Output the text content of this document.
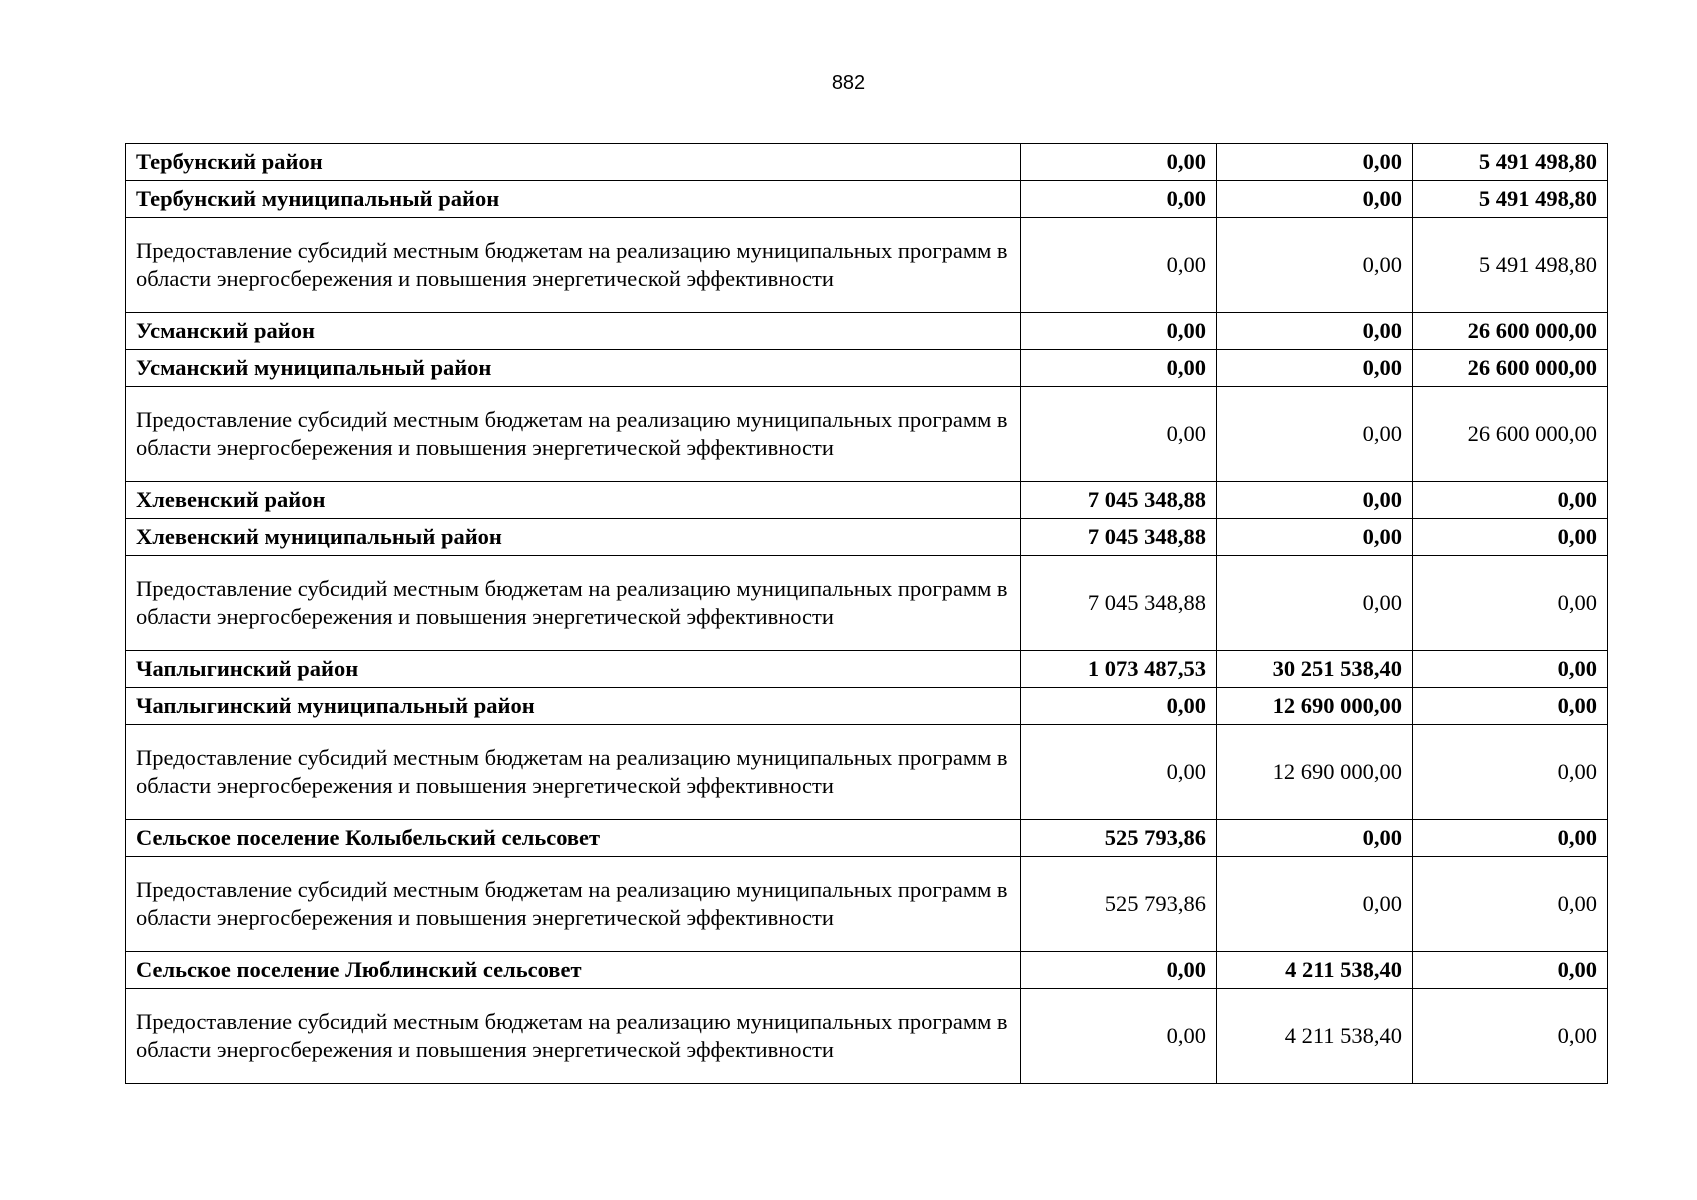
882
Тербунский район	0,00	0,00	5 491 498,80
Тербунский муниципальный район	0,00	0,00	5 491 498,80
Предоставление субсидий местным бюджетам на реализацию муниципальных программ в области энергосбережения и повышения энергетической эффективности	0,00	0,00	5 491 498,80
Усманский район	0,00	0,00	26 600 000,00
Усманский муниципальный район	0,00	0,00	26 600 000,00
Предоставление субсидий местным бюджетам на реализацию муниципальных программ в области энергосбережения и повышения энергетической эффективности	0,00	0,00	26 600 000,00
Хлевенский район	7 045 348,88	0,00	0,00
Хлевенский муниципальный район	7 045 348,88	0,00	0,00
Предоставление субсидий местным бюджетам на реализацию муниципальных программ в области энергосбережения и повышения энергетической эффективности	7 045 348,88	0,00	0,00
Чаплыгинский район	1 073 487,53	30 251 538,40	0,00
Чаплыгинский муниципальный район	0,00	12 690 000,00	0,00
Предоставление субсидий местным бюджетам на реализацию муниципальных программ в области энергосбережения и повышения энергетической эффективности	0,00	12 690 000,00	0,00
Сельское поселение Колыбельский сельсовет	525 793,86	0,00	0,00
Предоставление субсидий местным бюджетам на реализацию муниципальных программ в области энергосбережения и повышения энергетической эффективности	525 793,86	0,00	0,00
Сельское поселение Люблинский сельсовет	0,00	4 211 538,40	0,00
Предоставление субсидий местным бюджетам на реализацию муниципальных программ в области энергосбережения и повышения энергетической эффективности	0,00	4 211 538,40	0,00
